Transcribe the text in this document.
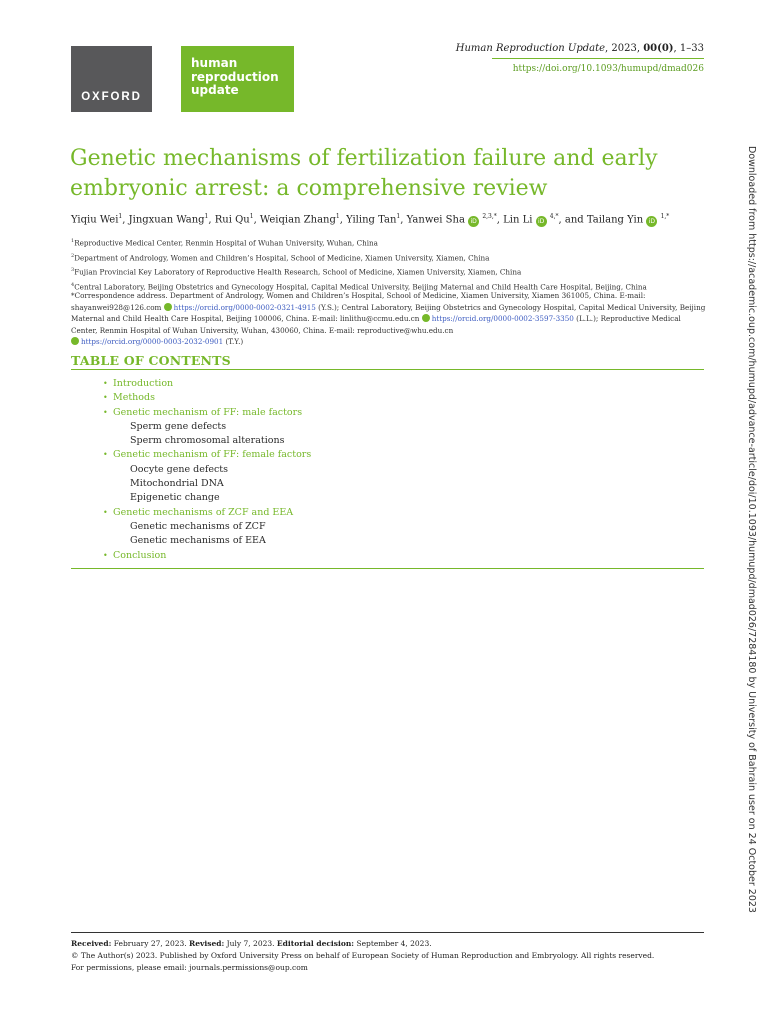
OXFORD
human
reproduction
update
Human Reproduction Update, 2023, 00(0), 1–33
https://doi.org/10.1093/humupd/dmad026
Genetic mechanisms of fertilization failure and early embryonic arrest: a comprehensive review
Yiqiu Wei$^1$, Jingxuan Wang$^1$, Rui Qu$^1$, Weiqian Zhang$^1$, Yiling Tan$^1$, Yanwei Sha iD $^{2,3,*}$, Lin Li iD $^{4,*}$, and Tailang Yin iD $^{1,*}$
$^1$Reproductive Medical Center, Renmin Hospital of Wuhan University, Wuhan, China
$^2$Department of Andrology, Women and Children’s Hospital, School of Medicine, Xiamen University, Xiamen, China
$^3$Fujian Provincial Key Laboratory of Reproductive Health Research, School of Medicine, Xiamen University, Xiamen, China
$^4$Central Laboratory, Beijing Obstetrics and Gynecology Hospital, Capital Medical University, Beijing Maternal and Child Health Care Hospital, Beijing, China
*Correspondence address. Department of Andrology, Women and Children’s Hospital, School of Medicine, Xiamen University, Xiamen 361005, China. E-mail: shayanwei928@126.com https://orcid.org/0000-0002-0321-4915 (Y.S.); Central Laboratory, Beijing Obstetrics and Gynecology Hospital, Capital Medical University, Beijing Maternal and Child Health Care Hospital, Beijing 100006, China. E-mail: linlithu@ccmu.edu.cn https://orcid.org/0000-0002-3597-3350 (L.L.); Reproductive Medical Center, Renmin Hospital of Wuhan University, Wuhan, 430060, China. E-mail: reproductive@whu.edu.cn
https://orcid.org/0000-0003-2032-0901 (T.Y.)
TABLE OF CONTENTS
• Introduction
• Methods
• Genetic mechanism of FF: male factors
Sperm gene defects
Sperm chromosomal alterations
• Genetic mechanism of FF: female factors
Oocyte gene defects
Mitochondrial DNA
Epigenetic change
• Genetic mechanisms of ZCF and EEA
Genetic mechanisms of ZCF
Genetic mechanisms of EEA
• Conclusion	Downloaded from https://academic.oup.com/humupd/advance-article/doi/10.1093/humupd/dmad026/7284180 by University of Bahrain user on 24 October 2023
Received: February 27, 2023. Revised: July 7, 2023. Editorial decision: September 4, 2023.
© The Author(s) 2023. Published by Oxford University Press on behalf of European Society of Human Reproduction and Embryology. All rights reserved.
For permissions, please email: journals.permissions@oup.com
